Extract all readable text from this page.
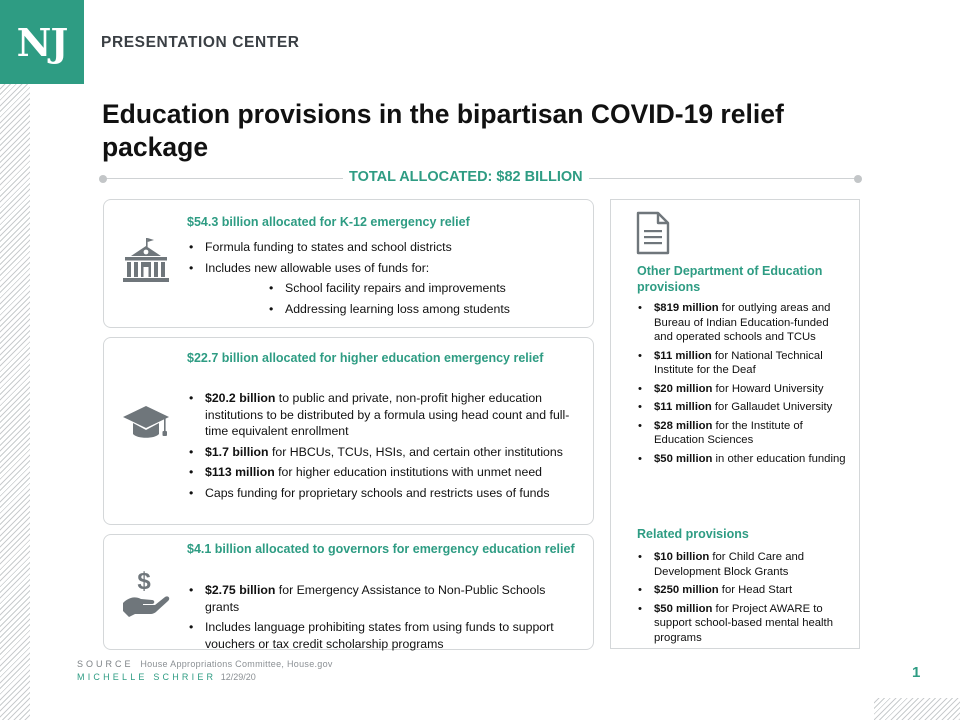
NJ	PRESENTATION CENTER
Education provisions in the bipartisan COVID-19 relief package
TOTAL ALLOCATED: $82 BILLION
$54.3 billion allocated for K-12 emergency relief
• Formula funding to states and school districts
• Includes new allowable uses of funds for:
• School facility repairs and improvements
• Addressing learning loss among students
$22.7 billion allocated for higher education emergency relief
• $20.2 billion to public and private, non-profit higher education institutions to be distributed by a formula using head count and full-time equivalent enrollment
• $1.7 billion for HBCUs, TCUs, HSIs, and certain other institutions
• $113 million for higher education institutions with unmet need
• Caps funding for proprietary schools and restricts uses of funds
$
$4.1 billion allocated to governors for emergency education relief
• $2.75 billion for Emergency Assistance to Non-Public Schools grants
• Includes language prohibiting states from using funds to support vouchers or tax credit scholarship programs
Other Department of Education provisions
• $819 million for outlying areas and Bureau of Indian Education-funded and operated schools and TCUs
• $11 million for National Technical Institute for the Deaf
• $20 million for Howard University
• $11 million for Gallaudet University
• $28 million for the Institute of Education Sciences
• $50 million in other education funding
Related provisions
• $10 billion for Child Care and Development Block Grants
• $250 million for Head Start
• $50 million for Project AWARE to support school-based mental health programs
SOURCE House Appropriations Committee, House.gov
MICHELLE SCHRIER 12/29/20	1
